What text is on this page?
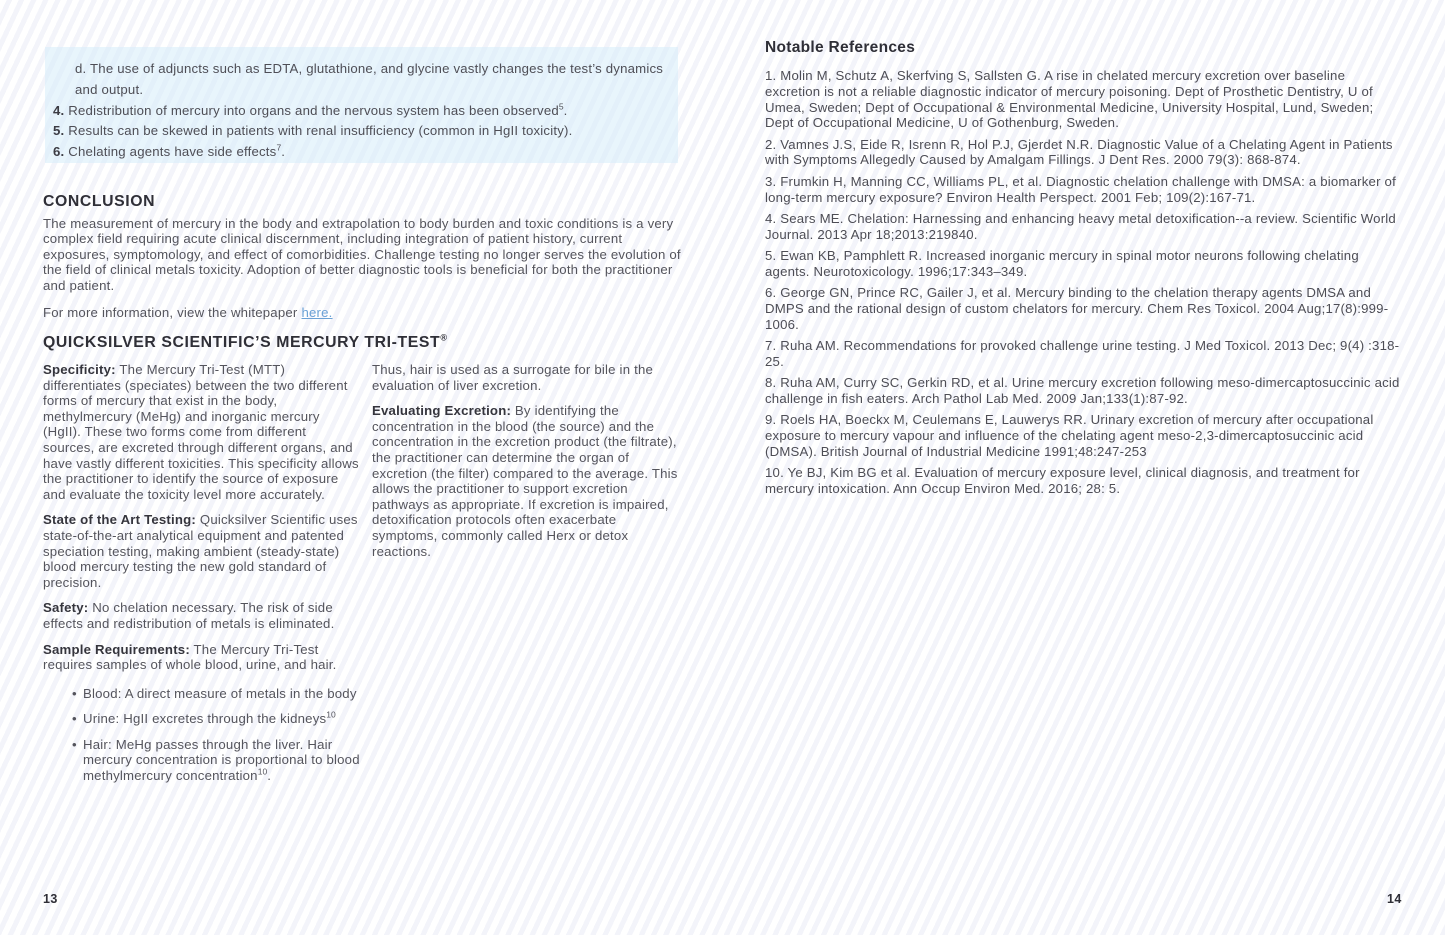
d. The use of adjuncts such as EDTA, glutathione, and glycine vastly changes the test’s dynamics and output.
4. Redistribution of mercury into organs and the nervous system has been observed$^5$.
5. Results can be skewed in patients with renal insufficiency (common in HgII toxicity).
6. Chelating agents have side effects$^7$.
CONCLUSION
The measurement of mercury in the body and extrapolation to body burden and toxic conditions is a very complex field requiring acute clinical discernment, including integration of patient history, current exposures, symptomology, and effect of comorbidities. Challenge testing no longer serves the evolution of the field of clinical metals toxicity. Adoption of better diagnostic tools is beneficial for both the practitioner and patient.
For more information, view the whitepaper here.
QUICKSILVER SCIENTIFIC’S MERCURY TRI-TEST®

Specificity: The Mercury Tri-Test (MTT) differentiates (speciates) between the two different forms of mercury that exist in the body, methylmercury (MeHg) and inorganic mercury (HgII). These two forms come from different sources, are excreted through different organs, and have vastly different toxicities. This specificity allows the practitioner to identify the source of exposure and evaluate the toxicity level more accurately.

State of the Art Testing: Quicksilver Scientific uses state-of-the-art analytical equipment and patented speciation testing, making ambient (steady-state) blood mercury testing the new gold standard of precision.

Safety: No chelation necessary. The risk of side effects and redistribution of metals is eliminated.

Sample Requirements: The Mercury Tri-Test requires samples of whole blood, urine, and hair.

• Blood: A direct measure of metals in the body
• Urine: HgII excretes through the kidneys$^{10}$
• Hair: MeHg passes through the liver. Hair mercury concentration is proportional to blood methylmercury concentration$^{10}$.

Thus, hair is used as a surrogate for bile in the evaluation of liver excretion.

Evaluating Excretion: By identifying the concentration in the blood (the source) and the concentration in the excretion product (the filtrate), the practitioner can determine the organ of excretion (the filter) compared to the average. This allows the practitioner to support excretion pathways as appropriate. If excretion is impaired, detoxification protocols often exacerbate symptoms, commonly called Herx or detox reactions.

13
Notable References
1. Molin M, Schutz A, Skerfving S, Sallsten G. A rise in chelated mercury excretion over baseline excretion is not a reliable diagnostic indicator of mercury poisoning. Dept of Prosthetic Dentistry, U of Umea, Sweden; Dept of Occupational & Environmental Medicine, University Hospital, Lund, Sweden; Dept of Occupational Medicine, U of Gothenburg, Sweden.
2. Vamnes J.S, Eide R, Isrenn R, Hol P.J, Gjerdet N.R. Diagnostic Value of a Chelating Agent in Patients with Symptoms Allegedly Caused by Amalgam Fillings. J Dent Res. 2000 79(3): 868-874.
3. Frumkin H, Manning CC, Williams PL, et al. Diagnostic chelation challenge with DMSA: a biomarker of long-term mercury exposure? Environ Health Perspect. 2001 Feb; 109(2):167-71.
4. Sears ME. Chelation: Harnessing and enhancing heavy metal detoxification--a review. Scientific World Journal. 2013 Apr 18;2013:219840.
5. Ewan KB, Pamphlett R. Increased inorganic mercury in spinal motor neurons following chelating agents. Neurotoxicology. 1996;17:343–349.
6. George GN, Prince RC, Gailer J, et al. Mercury binding to the chelation therapy agents DMSA and DMPS and the rational design of custom chelators for mercury. Chem Res Toxicol. 2004 Aug;17(8):999-1006.
7. Ruha AM. Recommendations for provoked challenge urine testing. J Med Toxicol. 2013 Dec; 9(4) :318-25.
8. Ruha AM, Curry SC, Gerkin RD, et al. Urine mercury excretion following meso-dimercaptosuccinic acid challenge in fish eaters. Arch Pathol Lab Med. 2009 Jan;133(1):87-92.
9. Roels HA, Boeckx M, Ceulemans E, Lauwerys RR. Urinary excretion of mercury after occupational exposure to mercury vapour and influence of the chelating agent meso-2,3-dimercaptosuccinic acid (DMSA). British Journal of Industrial Medicine 1991;48:247-253
10. Ye BJ, Kim BG et al. Evaluation of mercury exposure level, clinical diagnosis, and treatment for mercury intoxication. Ann Occup Environ Med. 2016; 28: 5.
14
